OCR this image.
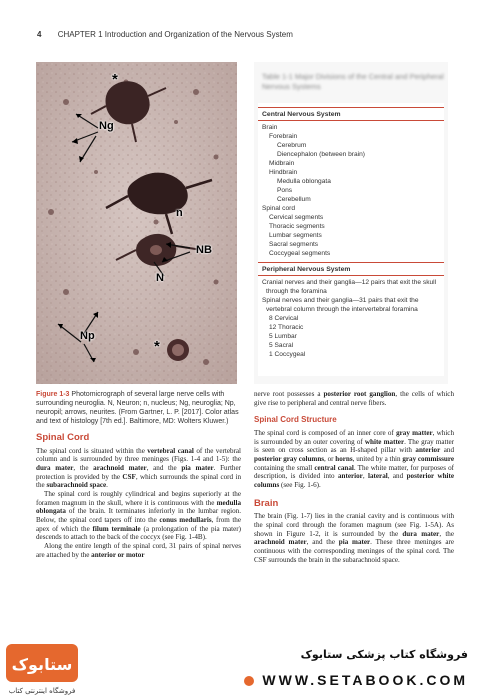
4 CHAPTER 1 Introduction and Organization of the Nervous System
*
Ng
n
NB
N
Np
*
Table 1-1 Major Divisions of the Central and Peripheral Nervous Systems
Central Nervous System
Brain
Forebrain
Cerebrum
Diencephalon (between brain)
Midbrain
Hindbrain
Medulla oblongata
Pons
Cerebellum
Spinal cord
Cervical segments
Thoracic segments
Lumbar segments
Sacral segments
Coccygeal segments
Peripheral Nervous System
Cranial nerves and their ganglia—12 pairs that exit the skull through the foramina
Spinal nerves and their ganglia—31 pairs that exit the vertebral column through the intervertebral foramina
8 Cervical
12 Thoracic
5 Lumbar
5 Sacral
1 Coccygeal
Figure 1-3 Photomicrograph of several large nerve cells with surrounding neuroglia. N, Neuron; n, nucleus; Ng, neuroglia; Np, neuropil; arrows, neurites. (From Gartner, L. P. [2017]. Color atlas and text of histology [7th ed.]. Baltimore, MD: Wolters Kluwer.)
Spinal Cord

The spinal cord is situated within the vertebral canal of the vertebral column and is surrounded by three meninges (Figs. 1-4 and 1-5): the dura mater, the arachnoid mater, and the pia mater. Further protection is provided by the CSF, which surrounds the spinal cord in the subarachnoid space.

The spinal cord is roughly cylindrical and begins superiorly at the foramen magnum in the skull, where it is continuous with the medulla oblongata of the brain. It terminates inferiorly in the lumbar region. Below, the spinal cord tapers off into the conus medullaris, from the apex of which the filum terminale (a prolongation of the pia mater) descends to attach to the back of the coccyx (see Fig. 1-4B).

Along the entire length of the spinal cord, 31 pairs of spinal nerves are attached by the anterior or motor

nerve root possesses a posterior root ganglion, the cells of which give rise to peripheral and central nerve fibers.

Spinal Cord Structure

The spinal cord is composed of an inner core of gray matter, which is surrounded by an outer covering of white matter. The gray matter is seen on cross section as an H-shaped pillar with anterior and posterior gray columns, or horns, united by a thin gray commissure containing the small central canal. The white matter, for purposes of description, is divided into anterior, lateral, and posterior white columns (see Fig. 1-6).

Brain

The brain (Fig. 1-7) lies in the cranial cavity and is continuous with the spinal cord through the foramen magnum (see Fig. 1-5A). As shown in Figure 1-2, it is surrounded by the dura mater, the arachnoid mater, and the pia mater. These three meninges are continuous with the corresponding meninges of the spinal cord. The CSF surrounds the brain in the subarachnoid space.

ستابوک
فروشگاه اینترنتی کتاب
فروشگاه کتاب پزشکی ستابوک
WWW.SETABOOK.COM
